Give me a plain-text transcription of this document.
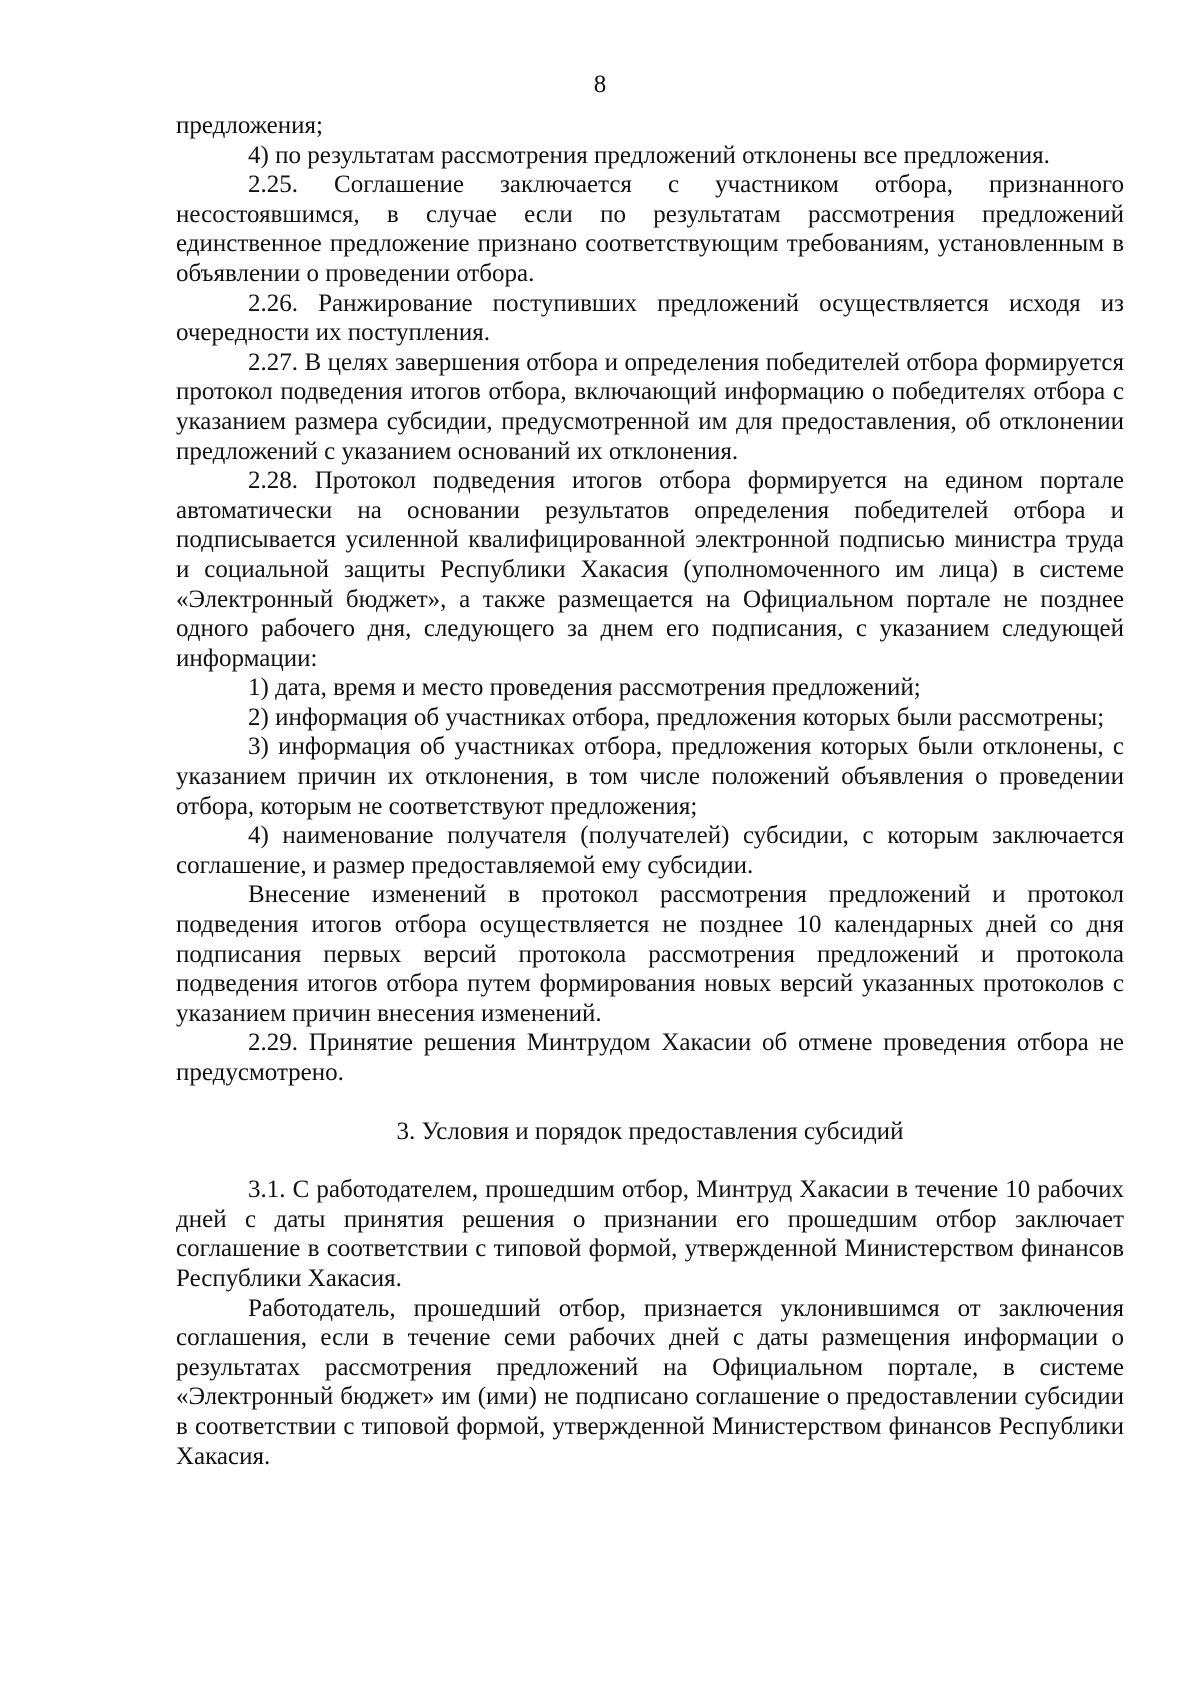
8

предложения;

4) по результатам рассмотрения предложений отклонены все предложения.

2.25. Соглашение заключается с участником отбора, признанного несостоявшимся, в случае если по результатам рассмотрения предложений единственное предложение признано соответствующим требованиям, установленным в объявлении о проведении отбора.

2.26. Ранжирование поступивших предложений осуществляется исходя из очередности их поступления.

2.27. В целях завершения отбора и определения победителей отбора формируется протокол подведения итогов отбора, включающий информацию о победителях отбора с указанием размера субсидии, предусмотренной им для предоставления, об отклонении предложений с указанием оснований их отклонения.

2.28. Протокол подведения итогов отбора формируется на едином портале автоматически на основании результатов определения победителей отбора и подписывается усиленной квалифицированной электронной подписью министра труда и социальной защиты Республики Хакасия (уполномоченного им лица) в системе «Электронный бюджет», а также размещается на Официальном портале не позднее одного рабочего дня, следующего за днем его подписания, с указанием следующей информации:

1) дата, время и место проведения рассмотрения предложений;

2) информация об участниках отбора, предложения которых были рассмотрены;

3) информация об участниках отбора, предложения которых были отклонены, с указанием причин их отклонения, в том числе положений объявления о проведении отбора, которым не соответствуют предложения;

4) наименование получателя (получателей) субсидии, с которым заключается соглашение, и размер предоставляемой ему субсидии.

Внесение изменений в протокол рассмотрения предложений и протокол подведения итогов отбора осуществляется не позднее 10 календарных дней со дня подписания первых версий протокола рассмотрения предложений и протокола подведения итогов отбора путем формирования новых версий указанных протоколов с указанием причин внесения изменений.

2.29. Принятие решения Минтрудом Хакасии об отмене проведения отбора не предусмотрено.

3. Условия и порядок предоставления субсидий

3.1. С работодателем, прошедшим отбор, Минтруд Хакасии в течение 10 рабочих дней с даты принятия решения о признании его прошедшим отбор заключает соглашение в соответствии с типовой формой, утвержденной Министерством финансов Республики Хакасия.

Работодатель, прошедший отбор, признается уклонившимся от заключения соглашения, если в течение семи рабочих дней с даты размещения информации о результатах рассмотрения предложений на Официальном портале, в системе «Электронный бюджет» им (ими) не подписано соглашение о предоставлении субсидии в соответствии с типовой формой, утвержденной Министерством финансов Республики Хакасия.
